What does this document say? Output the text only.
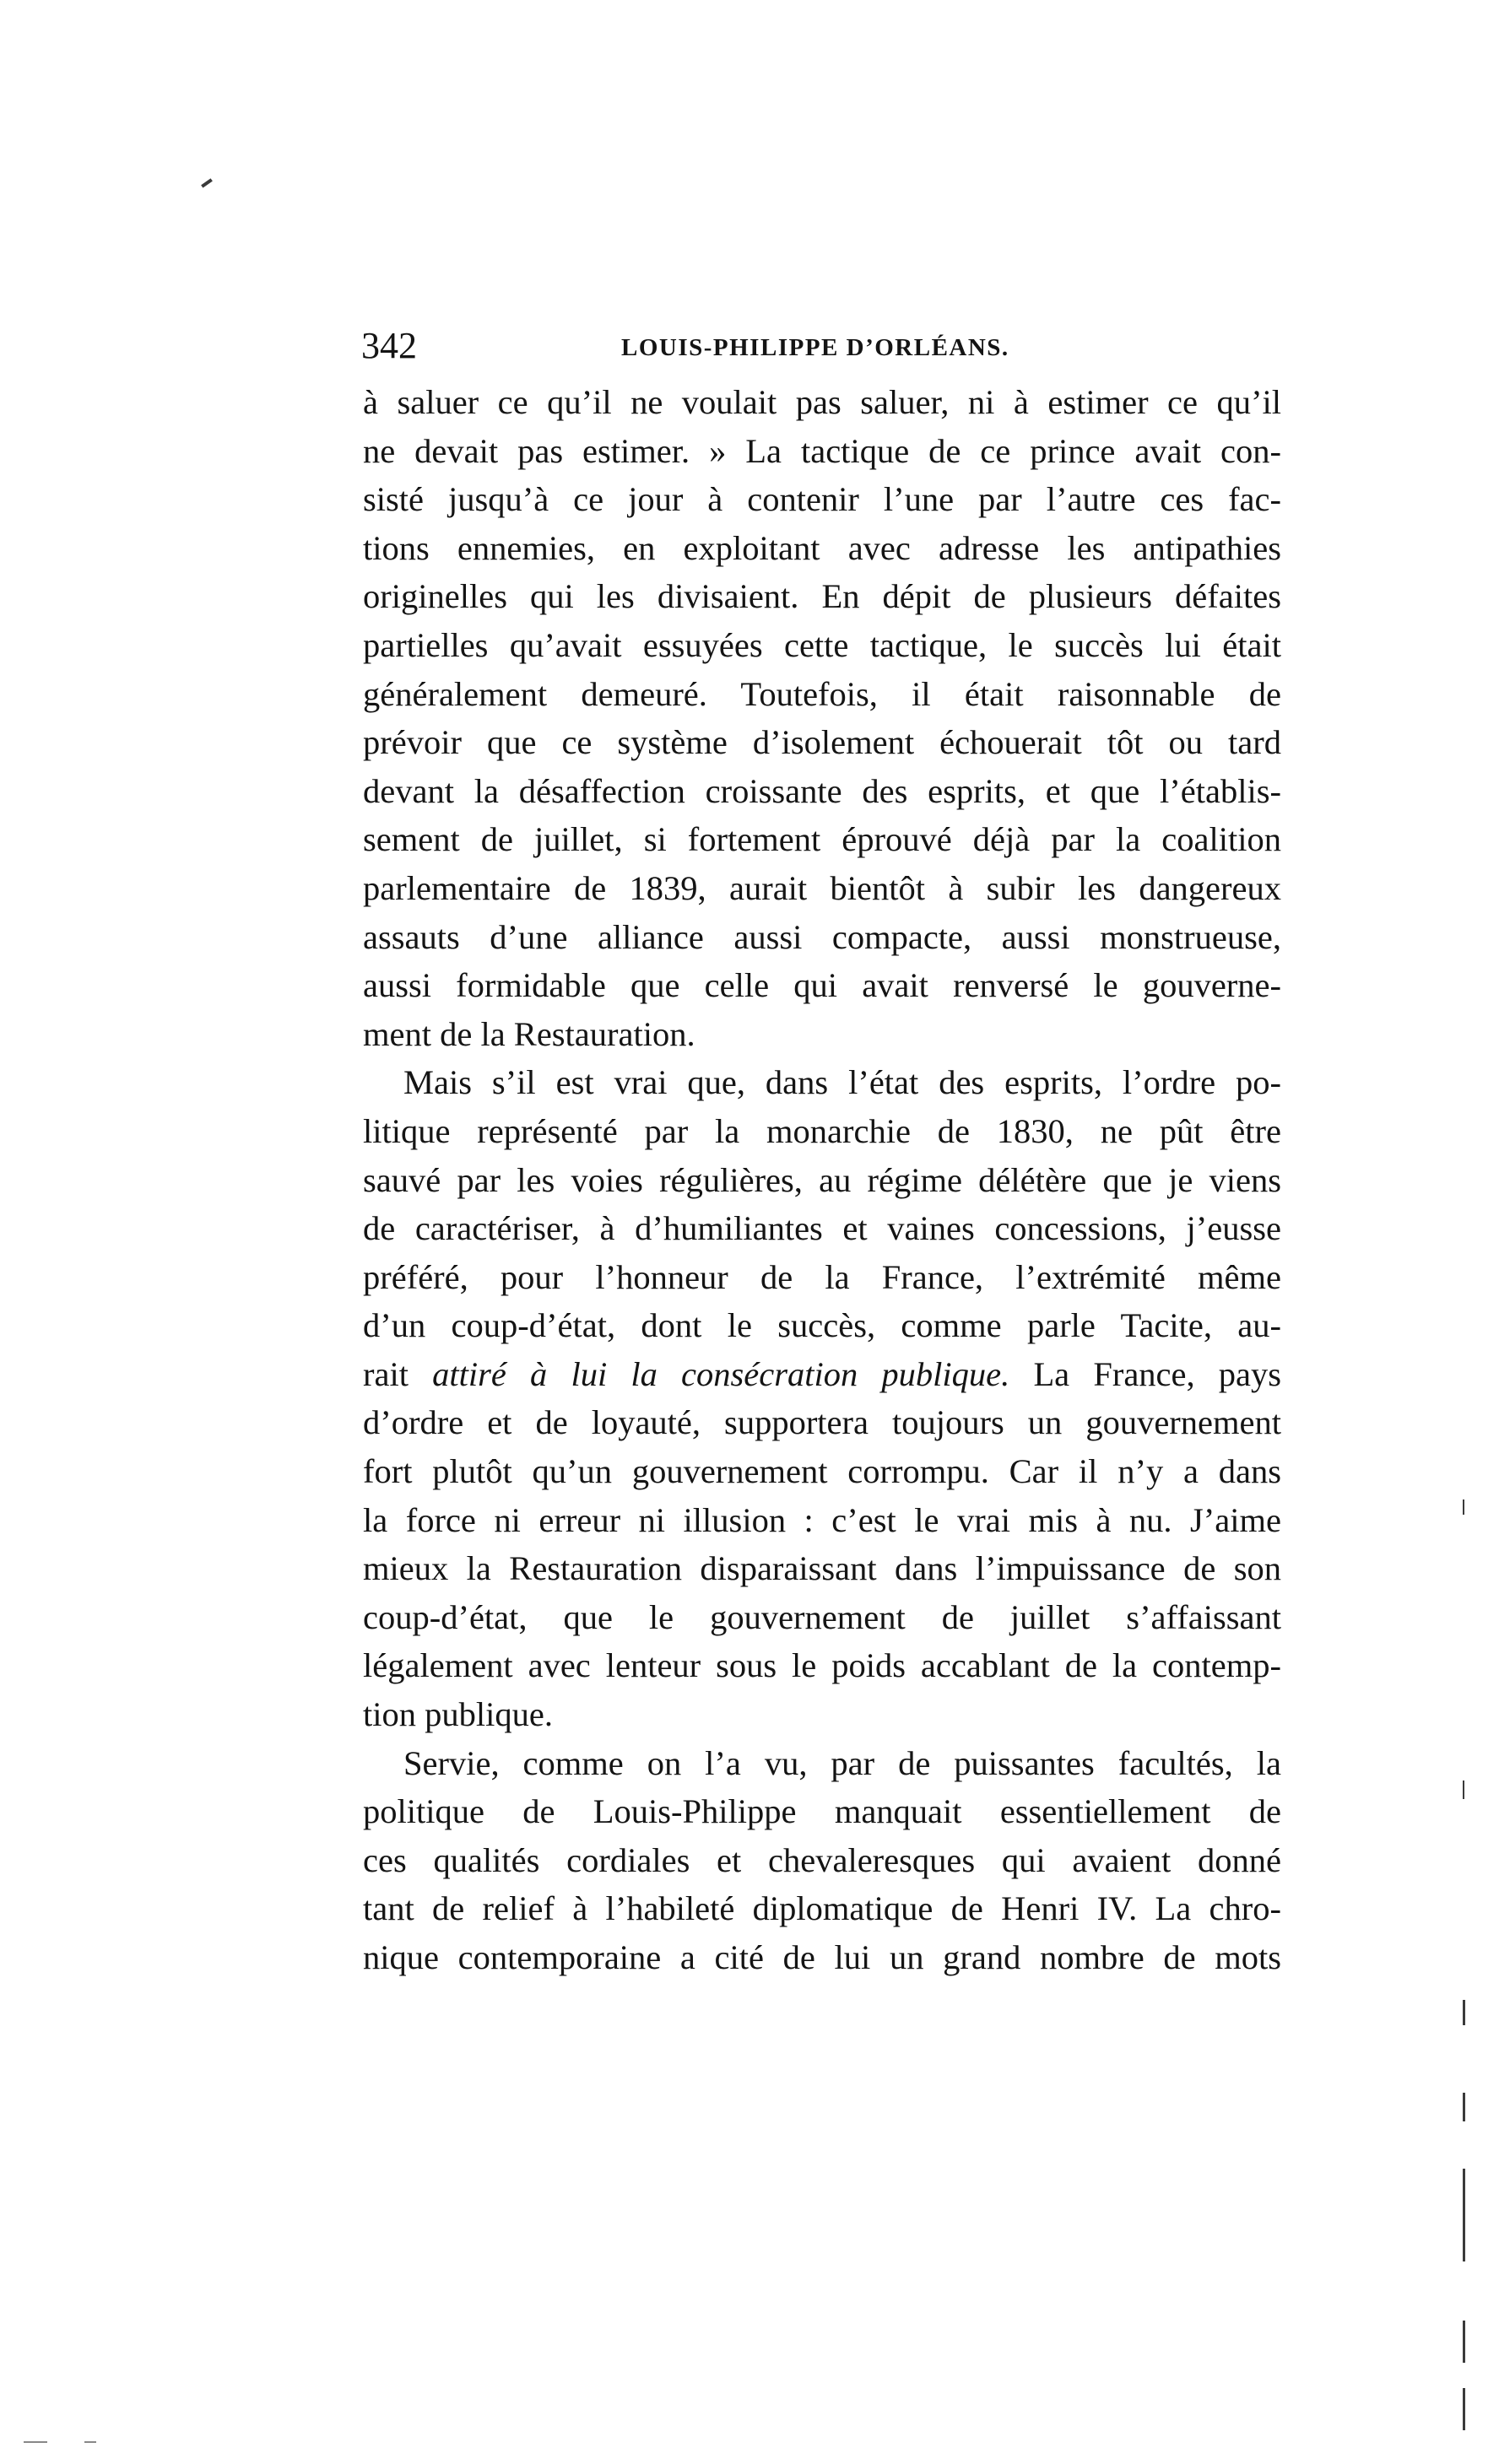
342	LOUIS-PHILIPPE D’ORLÉANS.
à saluer ce qu’il ne voulait pas saluer, ni à estimer ce qu’il
ne devait pas estimer. » La tactique de ce prince avait con-
sisté jusqu’à ce jour à contenir l’une par l’autre ces fac-
tions ennemies, en exploitant avec adresse les antipathies
originelles qui les divisaient. En dépit de plusieurs défaites
partielles qu’avait essuyées cette tactique, le succès lui était
généralement demeuré. Toutefois, il était raisonnable de
prévoir que ce système d’isolement échouerait tôt ou tard
devant la désaffection croissante des esprits, et que l’établis-
sement de juillet, si fortement éprouvé déjà par la coalition
parlementaire de 1839, aurait bientôt à subir les dangereux
assauts d’une alliance aussi compacte, aussi monstrueuse,
aussi formidable que celle qui avait renversé le gouverne-
ment de la Restauration.
Mais s’il est vrai que, dans l’état des esprits, l’ordre po-
litique représenté par la monarchie de 1830, ne pût être
sauvé par les voies régulières, au régime délétère que je viens
de caractériser, à d’humiliantes et vaines concessions, j’eusse
préféré, pour l’honneur de la France, l’extrémité même
d’un coup-d’état, dont le succès, comme parle Tacite, au-
rait attiré à lui la consécration publique. La France, pays
d’ordre et de loyauté, supportera toujours un gouvernement
fort plutôt qu’un gouvernement corrompu. Car il n’y a dans
la force ni erreur ni illusion : c’est le vrai mis à nu. J’aime
mieux la Restauration disparaissant dans l’impuissance de son
coup-d’état, que le gouvernement de juillet s’affaissant
légalement avec lenteur sous le poids accablant de la contemp-
tion publique.
Servie, comme on l’a vu, par de puissantes facultés, la
politique de Louis-Philippe manquait essentiellement de
ces qualités cordiales et chevaleresques qui avaient donné
tant de relief à l’habileté diplomatique de Henri IV. La chro-
nique contemporaine a cité de lui un grand nombre de mots
